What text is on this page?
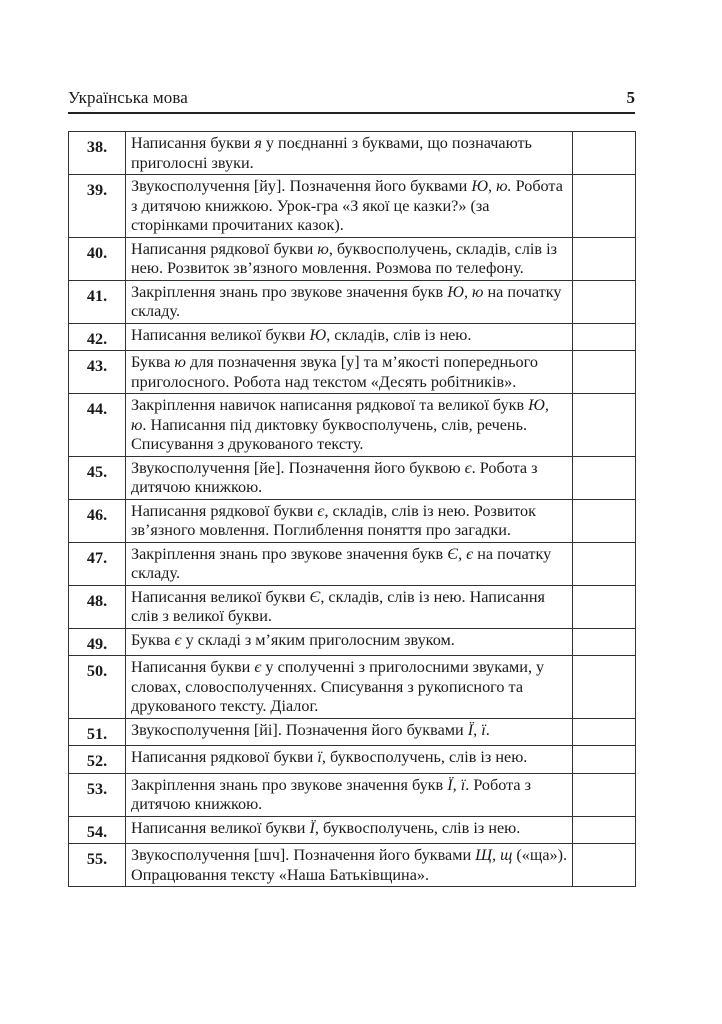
Українська мова	5
38.	Написання букви я у поєднанні з буквами, що позначають приголосні звуки.	
39.	Звукосполучення [йу]. Позначення його буквами Ю, ю. Робота з дитячою книжкою. Урок-гра «З якої це казки?» (за сторінками прочитаних казок).	
40.	Написання рядкової букви ю, буквосполучень, складів, слів із нею. Розвиток зв’язного мовлення. Розмова по телефону.	
41.	Закріплення знань про звукове значення букв Ю, ю на початку складу.	
42.	Написання великої букви Ю, складів, слів із нею.	
43.	Буква ю для позначення звука [у] та м’якості попереднього приголосного. Робота над текстом «Десять робітників».	
44.	Закріплення навичок написання рядкової та великої букв Ю, ю. Написання під диктовку буквосполучень, слів, речень. Списування з друкованого тексту.	
45.	Звукосполучення [йе]. Позначення його буквою є. Робота з дитячою книжкою.	
46.	Написання рядкової букви є, складів, слів із нею. Розвиток зв’язного мовлення. Поглиблення поняття про загадки.	
47.	Закріплення знань про звукове значення букв Є, є на початку складу.	
48.	Написання великої букви Є, складів, слів із нею. Написання слів з великої букви.	
49.	Буква є у складі з м’яким приголосним звуком.	
50.	Написання букви є у сполученні з приголосними звуками, у словах, словосполученнях. Списування з рукописного та друкованого тексту. Діалог.	
51.	Звукосполучення [йі]. Позначення його буквами Ї, ї.	
52.	Написання рядкової букви ї, буквосполучень, слів із нею.	
53.	Закріплення знань про звукове значення букв Ї, ї. Робота з дитячою книжкою.	
54.	Написання великої букви Ї, буквосполучень, слів із нею.	
55.	Звукосполучення [шч]. Позначення його буквами Щ, щ («ща»). Опрацювання тексту «Наша Батьківщина».	
